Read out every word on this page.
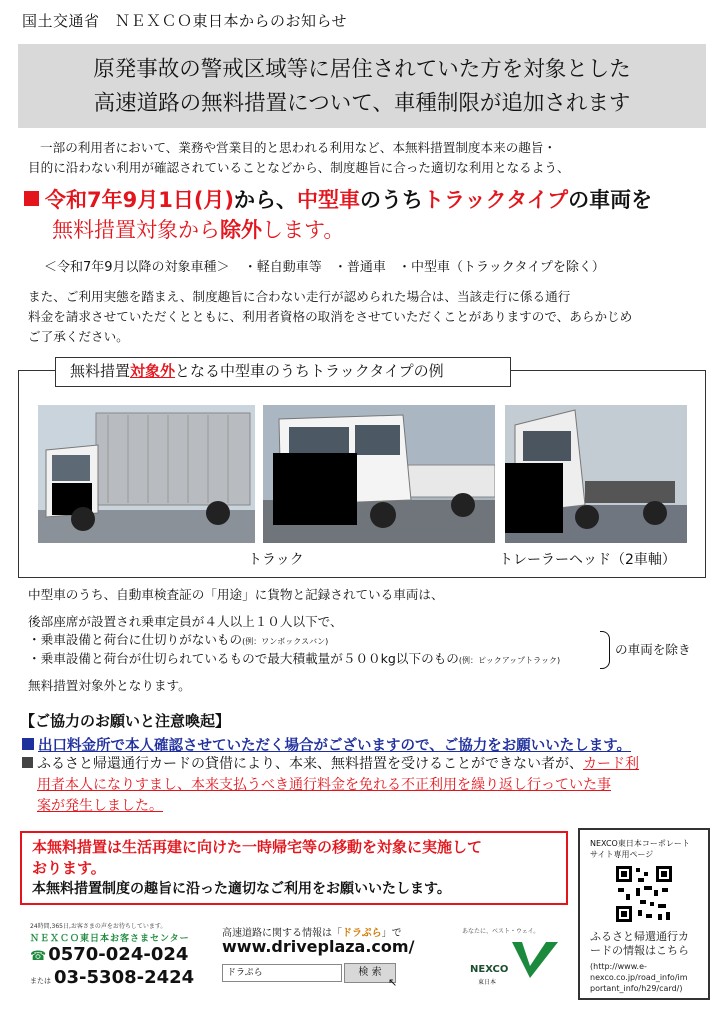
国土交通省　ＮＥＸＣＯ東日本からのお知らせ
原発事故の警戒区域等に居住されていた方を対象とした
高速道路の無料措置について、車種制限が追加されます
一部の利用者において、業務や営業目的と思われる利用など、本無料措置制度本来の趣旨・
目的に沿わない利用が確認されていることなどから、制度趣旨に合った適切な利用となるよう、
令和7年9月1日(月)から、中型車のうちトラックタイプの車両を
無料措置対象から除外します。
＜令和7年9月以降の対象車種＞ ・軽自動車等 ・普通車 ・中型車（トラックタイプを除く）
また、ご利用実態を踏まえ、制度趣旨に合わない走行が認められた場合は、当該走行に係る通行
料金を請求させていただくとともに、利用者資格の取消をさせていただくことがありますので、あらかじめ
ご了承ください。
無料措置対象外となる中型車のうちトラックタイプの例
トラック	トレーラーヘッド（2車軸）
中型車のうち、自動車検査証の「用途」に貨物と記録されている車両は、
後部座席が設置され乗車定員が４人以上１０人以下で、
・乗車設備と荷台に仕切りがないもの(例：ワンボックスバン)
・乗車設備と荷台が仕切られているもので最大積載量が５００kg以下のもの(例：ピックアップトラック)
の車両を除き
無料措置対象外となります。
【ご協力のお願いと注意喚起】
出口料金所で本人確認させていただく場合がございますので、ご協力をお願いいたします。
ふるさと帰還通行カードの貸借により、本来、無料措置を受けることができない者が、カード利
用者本人になりすまし、本来支払うべき通行料金を免れる不正利用を繰り返し行っていた事
案が発生しました。
本無料措置は生活再建に向けた一時帰宅等の移動を対象に実施して
おります。
本無料措置制度の趣旨に沿った適切なご利用をお願いいたします。
NEXCO東日本コーポレート
サイト専用ページ
ふるさと帰還通行カ
ードの情報はこちら
(http://www.e-
nexco.co.jp/road_info/im
portant_info/h29/card/)
24時間,365日,お客さまの声をお待ちしています。
ＮＥＸＣＯ東日本お客さまセンター
☎ 0570-024-024
または 03-5308-2424
高速道路に関する情報は「ドラぷら」で
www.driveplaza.com/
ドラぷら	検 索
↖
あなたに、ベスト・ウェイ。
NEXCO
東日本
